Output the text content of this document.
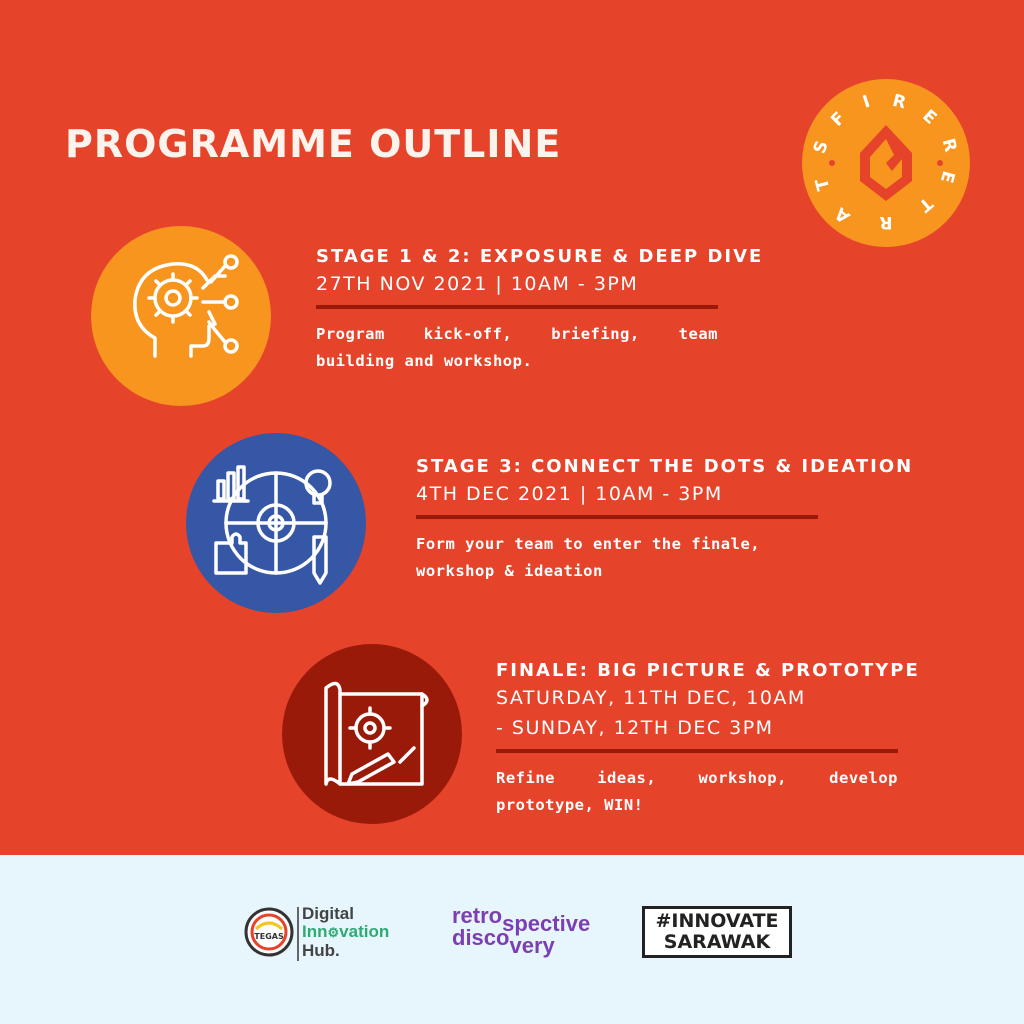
PROGRAMME OUTLINE
F
I R
E
S
T
A R
T
E
R
STAGE 1 & 2: EXPOSURE & DEEP DIVE
27TH NOV 2021 | 10AM - 3PM
Program kick-off, briefing, team building and workshop.
STAGE 3: CONNECT THE DOTS & IDEATION
4TH DEC 2021 | 10AM - 3PM
Form your team to enter the finale, workshop & ideation
FINALE: BIG PICTURE & PROTOTYPE
SATURDAY, 11TH DEC, 10AM
- SUNDAY, 12TH DEC 3PM
Refine ideas, workshop, develop prototype, WIN!
TEGAS
Digital
Inn⚙vation
Hub.
retrospective
discovery
#INNOVATE
SARAWAK
